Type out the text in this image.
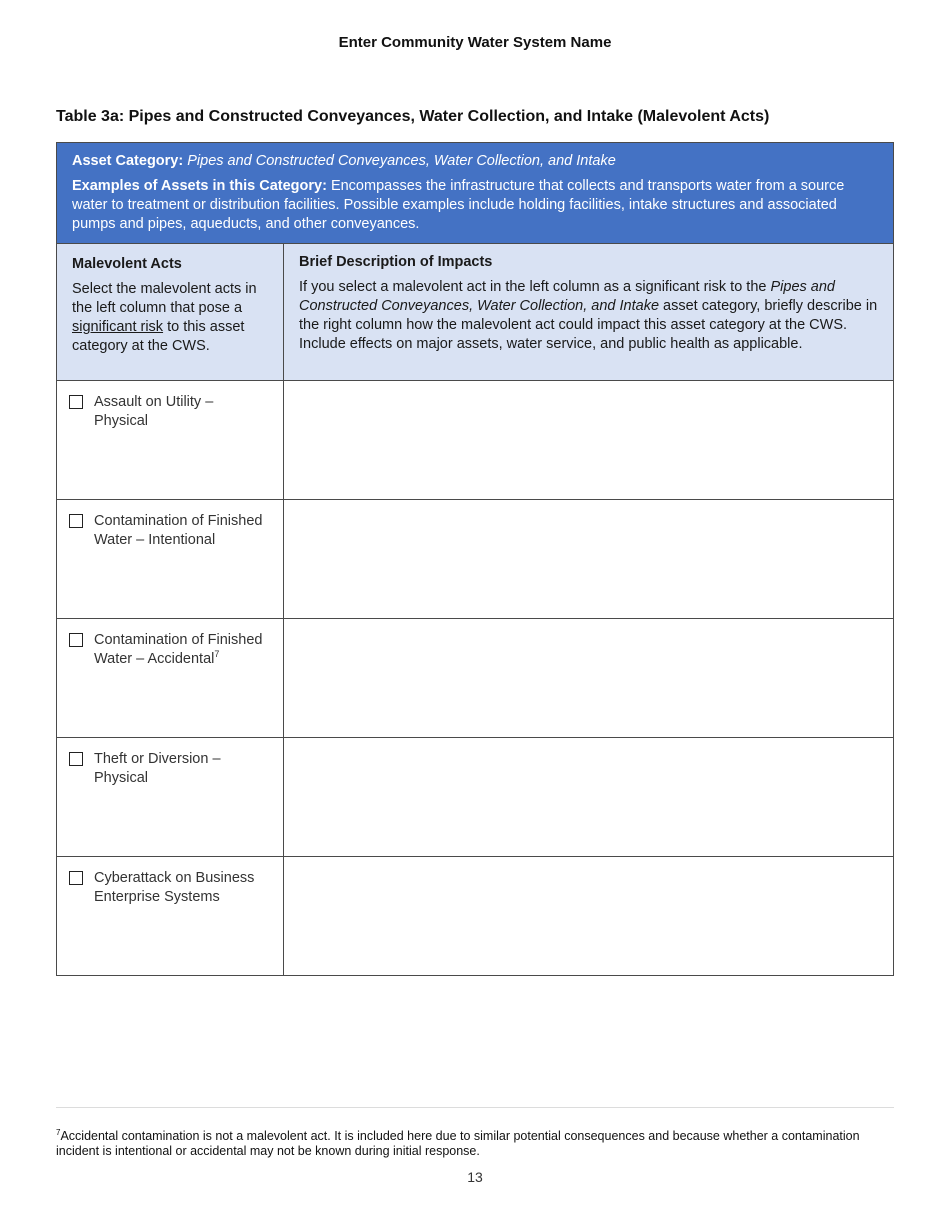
Enter Community Water System Name
Table 3a: Pipes and Constructed Conveyances, Water Collection, and Intake (Malevolent Acts)

Asset Category: Pipes and Constructed Conveyances, Water Collection, and Intake

Examples of Assets in this Category: Encompasses the infrastructure that collects and transports water from a source water to treatment or distribution facilities. Possible examples include holding facilities, intake structures and associated pumps and pipes, aqueducts, and other conveyances.

Malevolent Acts
Select the malevolent acts in the left column that pose a significant risk to this asset category at the CWS.
Brief Description of Impacts
If you select a malevolent act in the left column as a significant risk to the Pipes and Constructed Conveyances, Water Collection, and Intake asset category, briefly describe in the right column how the malevolent act could impact this asset category at the CWS. Include effects on major assets, water service, and public health as applicable.
Assault on Utility – Physical
Contamination of Finished Water – Intentional
Contamination of Finished Water – Accidental$^7$
Theft or Diversion – Physical
Cyberattack on Business Enterprise Systems
$^7$Accidental contamination is not a malevolent act. It is included here due to similar potential consequences and because whether a contamination incident is intentional or accidental may not be known during initial response.
13
